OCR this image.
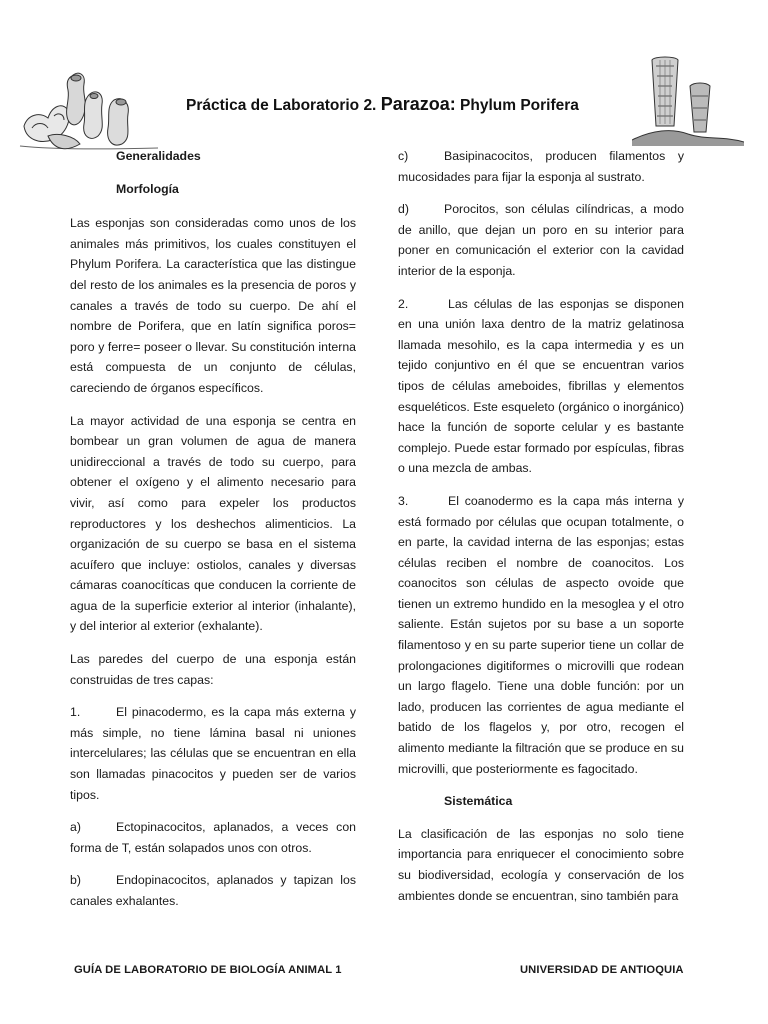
Práctica de Laboratorio 2. Parazoa: Phylum Porifera
Generalidades
Morfología

Las esponjas son consideradas como unos de los animales más primitivos, los cuales constituyen el Phylum Porifera. La característica que las distingue del resto de los animales es la presencia de poros y canales a través de todo su cuerpo. De ahí el nombre de Porifera, que en latín significa poros= poro y ferre= poseer o llevar. Su constitución interna está compuesta de un conjunto de células, careciendo de órganos específicos.

La mayor actividad de una esponja se centra en bombear un gran volumen de agua de manera unidireccional a través de todo su cuerpo, para obtener el oxígeno y el alimento necesario para vivir, así como para expeler los productos reproductores y los deshechos alimenticios. La organización de su cuerpo se basa en el sistema acuífero que incluye: ostiolos, canales y diversas cámaras coanocíticas que conducen la corriente de agua de la superficie exterior al interior (inhalante), y del interior al exterior (exhalante).

Las paredes del cuerpo de una esponja están construidas de tres capas:

1.	El pinacodermo, es la capa más externa y más simple, no tiene lámina basal ni uniones intercelulares; las células que se encuentran en ella son llamadas pinacocitos y pueden ser de varios tipos.

a)	Ectopinacocitos, aplanados, a veces con forma de T, están solapados unos con otros.

b)	Endopinacocitos, aplanados y tapizan los canales exhalantes.

c)	Basipinacocitos, producen filamentos y mucosidades para fijar la esponja al sustrato.

d)	Porocitos, son células cilíndricas, a modo de anillo, que dejan un poro en su interior para poner en comunicación el exterior con la cavidad interior de la esponja.

2.	Las células de las esponjas se disponen en una unión laxa dentro de la matriz gelatinosa llamada mesohilo, es la capa intermedia y es un tejido conjuntivo en él que se encuentran varios tipos de células ameboides, fibrillas y elementos esqueléticos. Este esqueleto (orgánico o inorgánico) hace la función de soporte celular y es bastante complejo. Puede estar formado por espículas, fibras o una mezcla de ambas.

3.	El coanodermo es la capa más interna y está formado por células que ocupan totalmente, o en parte, la cavidad interna de las esponjas; estas células reciben el nombre de coanocitos. Los coanocitos son células de aspecto ovoide que tienen un extremo hundido en la mesoglea y el otro saliente. Están sujetos por su base a un soporte filamentoso y en su parte superior tiene un collar de prolongaciones digitiformes o microvilli que rodean un largo flagelo. Tiene una doble función: por un lado, producen las corrientes de agua mediante el batido de los flagelos y, por otro, recogen el alimento mediante la filtración que se produce en su microvilli, que posteriormente es fagocitado.

Sistemática

La clasificación de las esponjas no solo tiene importancia para enriquecer el conocimiento sobre su biodiversidad, ecología y conservación de los ambientes donde se encuentran, sino también para

GUÍA DE LABORATORIO DE BIOLOGÍA ANIMAL 1	UNIVERSIDAD DE ANTIOQUIA
